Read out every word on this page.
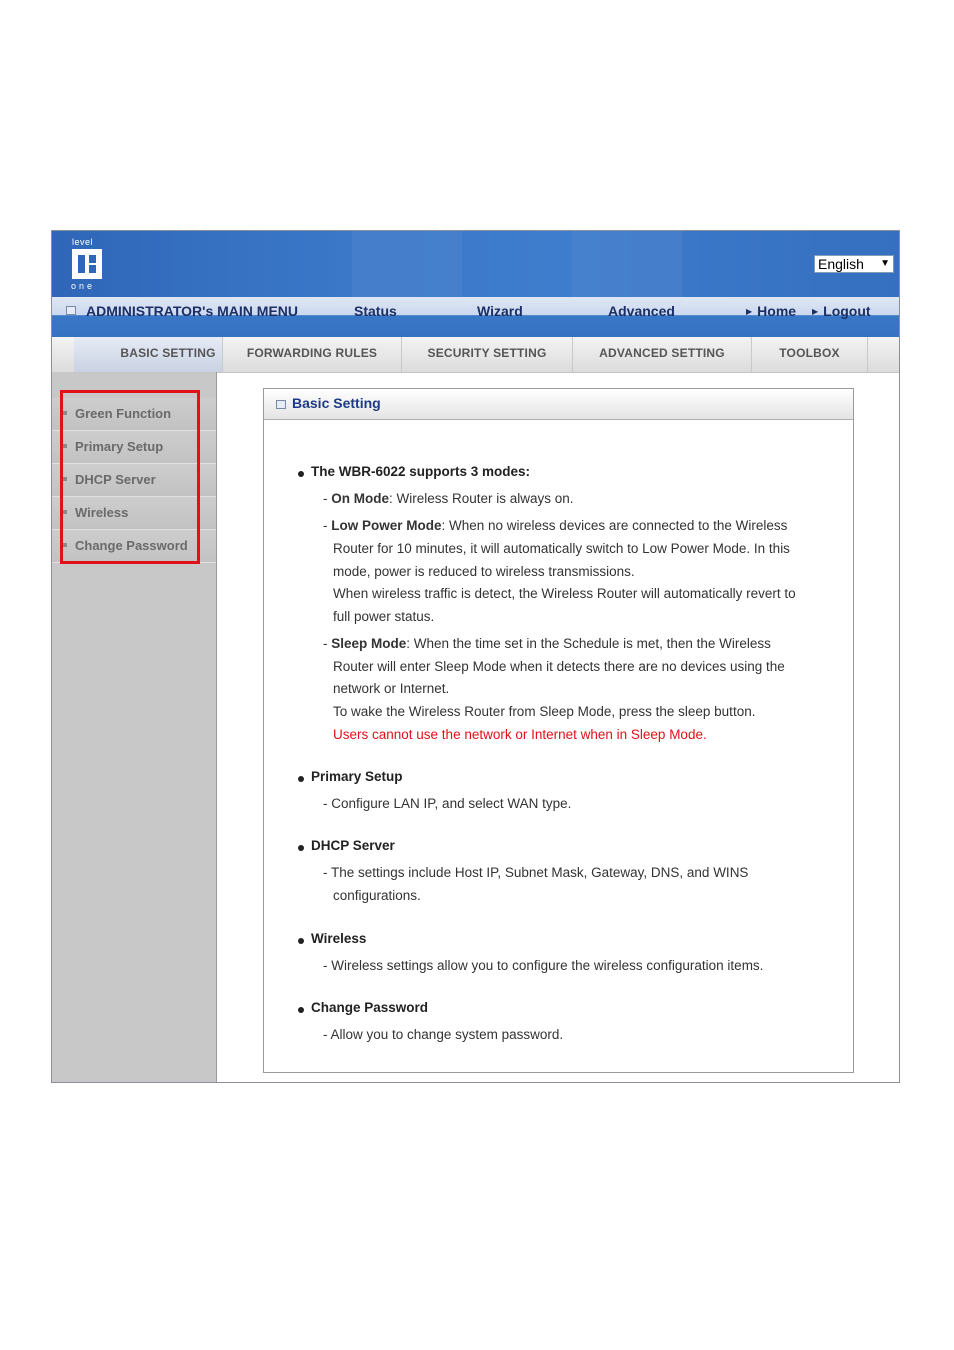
level
one
English ▼
ADMINISTRATOR's MAIN MENU	Status	Wizard	Advanced	▶ Home ▶ Logout
BASIC SETTING	FORWARDING RULES	SECURITY SETTING	ADVANCED SETTING	TOOLBOX
Green Function
Primary Setup
DHCP Server
Wireless
Change Password
Basic Setting
The WBR-6022 supports 3 modes:
- On Mode: Wireless Router is always on.
- Low Power Mode: When no wireless devices are connected to the Wireless
Router for 10 minutes, it will automatically switch to Low Power Mode. In this
mode, power is reduced to wireless transmissions.
When wireless traffic is detect, the Wireless Router will automatically revert to
full power status.
- Sleep Mode: When the time set in the Schedule is met, then the Wireless
Router will enter Sleep Mode when it detects there are no devices using the
network or Internet.
To wake the Wireless Router from Sleep Mode, press the sleep button.
Users cannot use the network or Internet when in Sleep Mode.
Primary Setup
- Configure LAN IP, and select WAN type.
DHCP Server
- The settings include Host IP, Subnet Mask, Gateway, DNS, and WINS
configurations.
Wireless
- Wireless settings allow you to configure the wireless configuration items.
Change Password
- Allow you to change system password.
